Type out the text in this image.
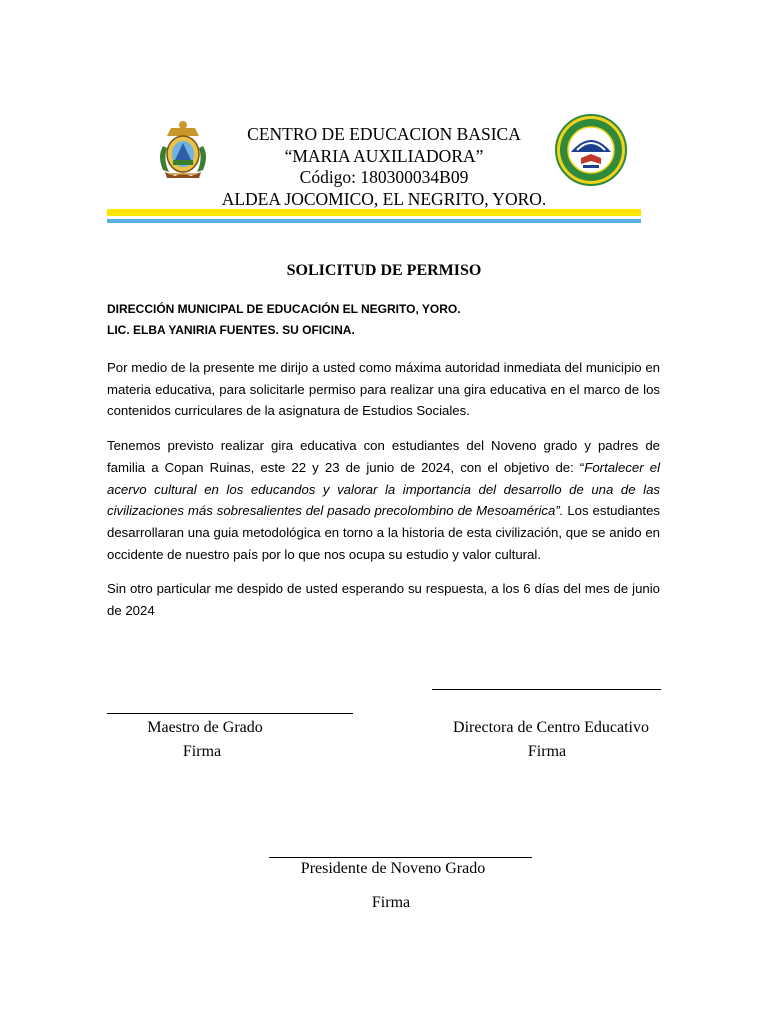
CENTRO DE EDUCACION BASICA
“MARIA AUXILIADORA”
Código: 180300034B09
ALDEA JOCOMICO, EL NEGRITO, YORO.
SOLICITUD DE PERMISO
DIRECCIÓN MUNICIPAL DE EDUCACIÓN EL NEGRITO, YORO.
LIC. ELBA YANIRIA FUENTES. SU OFICINA.

Por medio de la presente me dirijo a usted como máxima autoridad inmediata del municipio en materia educativa, para solicitarle permiso para realizar una gira educativa en el marco de los contenidos curriculares de la asignatura de Estudios Sociales.

Tenemos previsto realizar gira educativa con estudiantes del Noveno grado y padres de familia a Copan Ruinas, este 22 y 23 de junio de 2024, con el objetivo de: “Fortalecer el acervo cultural en los educandos y valorar la importancia del desarrollo de una de las civilizaciones más sobresalientes del pasado precolombino de Mesoamérica”. Los estudiantes desarrollaran una guia metodológica en torno a la historia de esta civilización, que se anido en occidente de nuestro país por lo que nos ocupa su estudio y valor cultural.

Sin otro particular me despido de usted esperando su respuesta, a los 6 días del mes de junio de 2024

Maestro de Grado
Firma
Directora de Centro Educativo
Firma
Presidente de Noveno Grado
Firma
